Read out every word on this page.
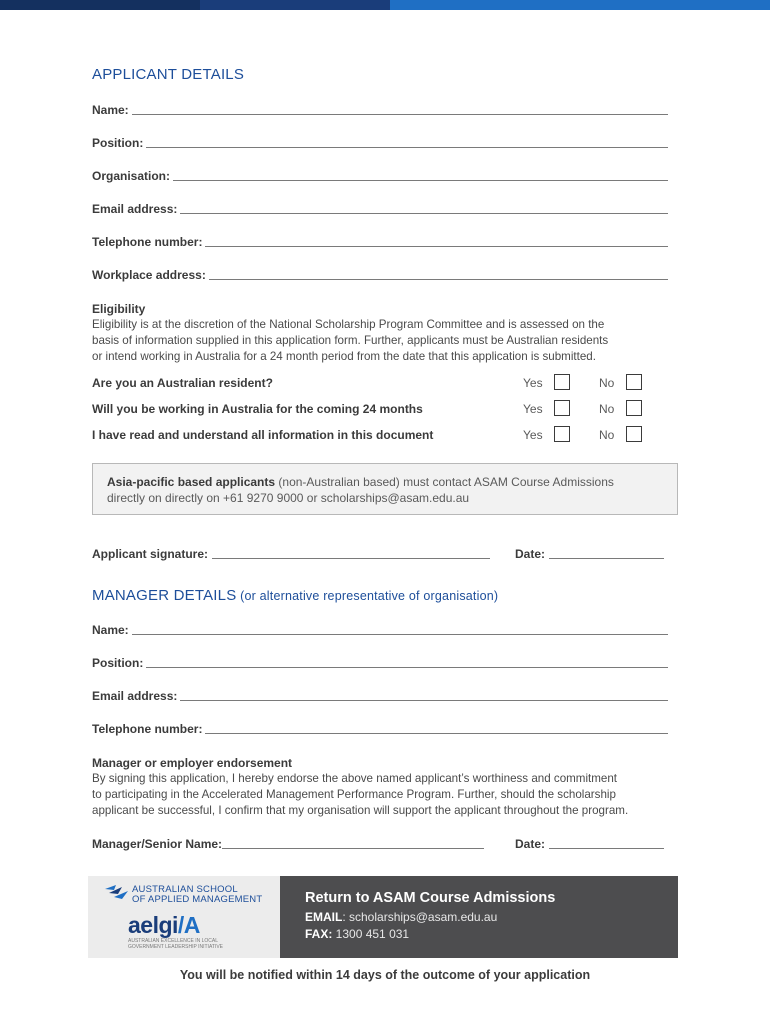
APPLICANT DETAILS
Name:
Position:
Organisation:
Email address:
Telephone number:
Workplace address:
Eligibility
Eligibility is at the discretion of the National Scholarship Program Committee and is assessed on the
basis of information supplied in this application form. Further, applicants must be Australian residents
or intend working in Australia for a 24 month period from the date that this application is submitted.
Are you an Australian resident?	Yes	No
Will you be working in Australia for the coming 24 months	Yes	No
I have read and understand all information in this document	Yes	No
Asia-pacific based applicants (non-Australian based) must contact ASAM Course Admissions
directly on directly on +61 9270 9000 or scholarships@asam.edu.au
Applicant signature:	Date:
MANAGER DETAILS (or alternative representative of organisation)
Name:
Position:
Email address:
Telephone number:
Manager or employer endorsement
By signing this application, I hereby endorse the above named applicant’s worthiness and commitment
to participating in the Accelerated Management Performance Program. Further, should the scholarship
applicant be successful, I confirm that my organisation will support the applicant throughout the program.
Manager/Senior Name:	Date:
AUSTRALIAN SCHOOL
OF APPLIED MANAGEMENT
aelgi/A
AUSTRALIAN EXCELLENCE IN LOCAL GOVERNMENT LEADERSHIP INITIATIVE
Return to ASAM Course Admissions
EMAIL: scholarships@asam.edu.au
FAX: 1300 451 031
You will be notified within 14 days of the outcome of your application
